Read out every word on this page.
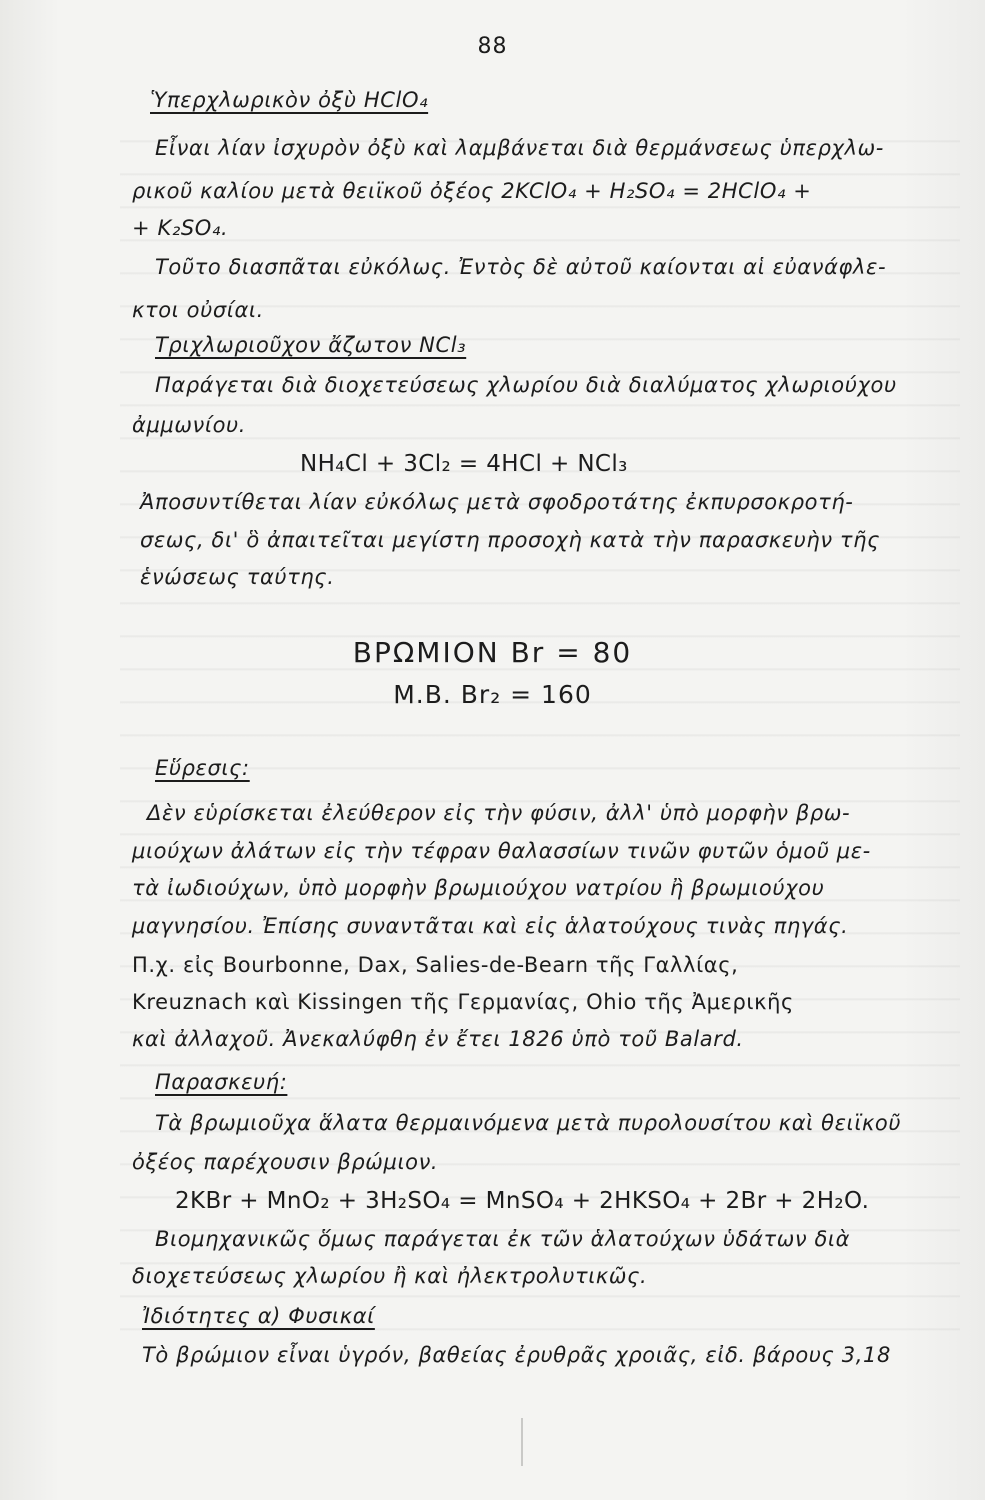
88
Ὑπερχλωρικὸν ὀξὺ HClO₄
Εἶναι λίαν ἰσχυρὸν ὀξὺ καὶ λαμβάνεται διὰ θερμάνσεως ὑπερχλω-
ρικοῦ καλίου μετὰ θειϊκοῦ ὀξέος 2KClO₄ + H₂SO₄ = 2HClO₄ +
+ K₂SO₄.
Τοῦτο διασπᾶται εὐκόλως. Ἐντὸς δὲ αὐτοῦ καίονται αἱ εὐανάφλε-
κτοι οὐσίαι.
Τριχλωριοῦχον ἄζωτον NCl₃
Παράγεται διὰ διοχετεύσεως χλωρίου διὰ διαλύματος χλωριούχου
ἀμμωνίου.
NH₄Cl + 3Cl₂ = 4HCl + NCl₃
Ἀποσυντίθεται λίαν εὐκόλως μετὰ σφοδροτάτης ἐκπυρσοκροτή-
σεως, δι' ὃ ἀπαιτεῖται μεγίστη προσοχὴ κατὰ τὴν παρασκευὴν τῆς
ἑνώσεως ταύτης.
ΒΡΩΜΙΟΝ Br = 80
Μ.Β. Br₂ = 160
Εὕρεσις:
Δὲν εὑρίσκεται ἐλεύθερον εἰς τὴν φύσιν, ἀλλ' ὑπὸ μορφὴν βρω-
μιούχων ἀλάτων εἰς τὴν τέφραν θαλασσίων τινῶν φυτῶν ὁμοῦ με-
τὰ ἰωδιούχων, ὑπὸ μορφὴν βρωμιούχου νατρίου ἢ βρωμιούχου
μαγνησίου. Ἐπίσης συναντᾶται καὶ εἰς ἁλατούχους τινὰς πηγάς.
Π.χ. εἰς Bourbonne, Dax, Salies-de-Bearn τῆς Γαλλίας,
Kreuznach καὶ Kissingen τῆς Γερμανίας, Ohio τῆς Ἀμερικῆς
καὶ ἀλλαχοῦ. Ἀνεκαλύφθη ἐν ἔτει 1826 ὑπὸ τοῦ Balard.
Παρασκευή:
Τὰ βρωμιοῦχα ἅλατα θερμαινόμενα μετὰ πυρολουσίτου καὶ θειϊκοῦ
ὀξέος παρέχουσιν βρώμιον.
2KBr + MnO₂ + 3H₂SO₄ = MnSO₄ + 2HKSO₄ + 2Br + 2H₂O.
Βιομηχανικῶς ὅμως παράγεται ἐκ τῶν ἁλατούχων ὑδάτων διὰ
διοχετεύσεως χλωρίου ἢ καὶ ἠλεκτρολυτικῶς.
Ἰδιότητες α) Φυσικαί
Τὸ βρώμιον εἶναι ὑγρόν, βαθείας ἐρυθρᾶς χροιᾶς, εἰδ. βάρους 3,18
